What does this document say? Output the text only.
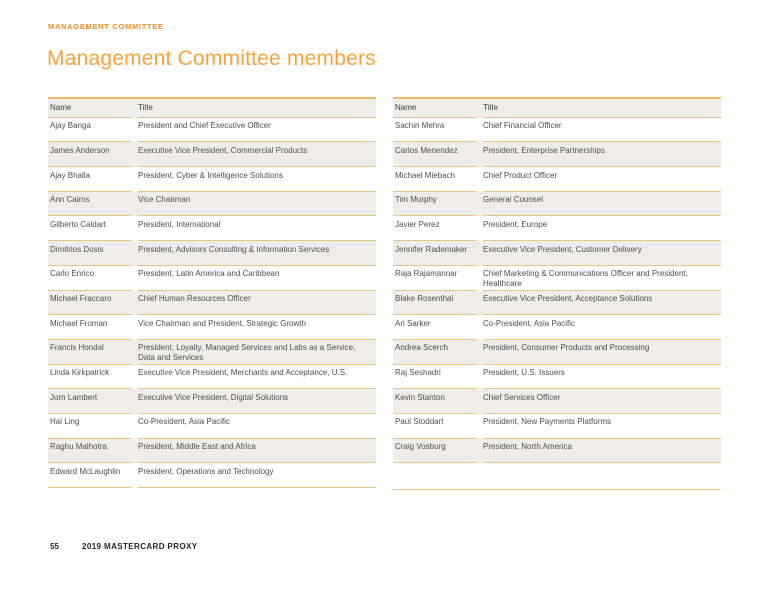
MANAGEMENT COMMITTEE
Management Committee members
Name	Title
Ajay Banga	President and Chief Executive Officer
James Anderson	Executive Vice President, Commercial Products
Ajay Bhalla	President, Cyber & Intelligence Solutions
Ann Cairns	Vice Chairman
Gilberto Caldart	President, International
Dimitrios Dosis	President, Advisors Consulting & Information Services
Carlo Enrico	President, Latin America and Caribbean
Michael Fraccaro	Chief Human Resources Officer
Michael Froman	Vice Chairman and President, Strategic Growth
Francis Hondal	President, Loyalty, Managed Services and Labs as a Service, Data and Services
Linda Kirkpatrick	Executive Vice President, Merchants and Acceptance, U.S.
Jorn Lambert	Executive Vice President, Digital Solutions
Hai Ling	Co-President, Asia Pacific
Raghu Malhotra	President, Middle East and Africa
Edward McLaughlin	President, Operations and Technology
Name	Title
Sachin Mehra	Chief Financial Officer
Carlos Menendez	President, Enterprise Partnerships
Michael Miebach	Chief Product Officer
Tim Murphy	General Counsel
Javier Perez	President, Europe
Jennifer Rademaker	Executive Vice President, Customer Delivery
Raja Rajamannar	Chief Marketing & Communications Officer and President, Healthcare
Blake Rosenthal	Executive Vice President, Acceptance Solutions
Ari Sarker	Co-President, Asia Pacific
Andrea Scerch	President, Consumer Products and Processing
Raj Seshadri	President, U.S. Issuers
Kevin Stanton	Chief Services Officer
Paul Stoddart	President, New Payments Platforms
Craig Vosburg	President, North America
55	2019 MASTERCARD PROXY
